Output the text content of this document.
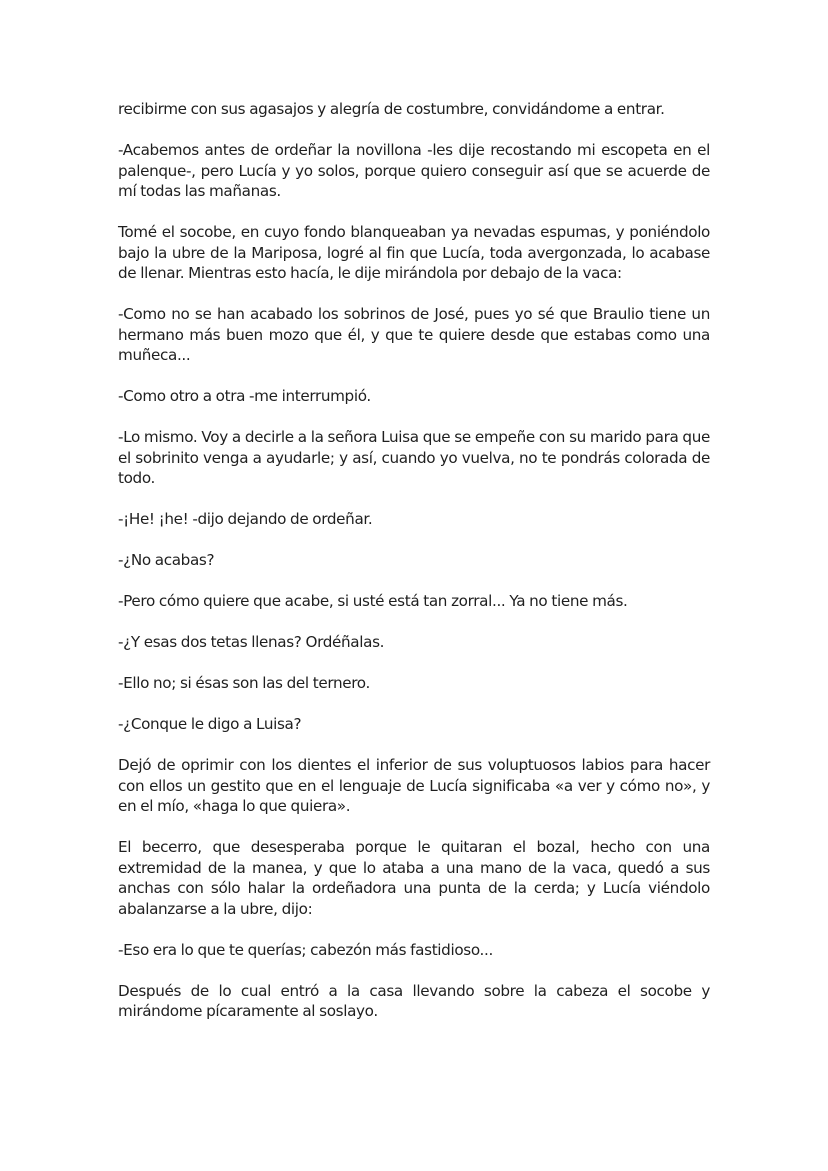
recibirme con sus agasajos y alegría de costumbre, convidándome a entrar.

-Acabemos antes de ordeñar la novillona -les dije recostando mi escopeta en el palenque-, pero Lucía y yo solos, porque quiero conseguir así que se acuerde de mí todas las mañanas.

Tomé el socobe, en cuyo fondo blanqueaban ya nevadas espumas, y poniéndolo bajo la ubre de la Mariposa, logré al fin que Lucía, toda avergonzada, lo acabase de llenar. Mientras esto hacía, le dije mirándola por debajo de la vaca:

-Como no se han acabado los sobrinos de José, pues yo sé que Braulio tiene un hermano más buen mozo que él, y que te quiere desde que estabas como una muñeca...

-Como otro a otra -me interrumpió.

-Lo mismo. Voy a decirle a la señora Luisa que se empeñe con su marido para que el sobrinito venga a ayudarle; y así, cuando yo vuelva, no te pondrás colorada de todo.

-¡He! ¡he! -dijo dejando de ordeñar.

-¿No acabas?

-Pero cómo quiere que acabe, si usté está tan zorral... Ya no tiene más.

-¿Y esas dos tetas llenas? Ordéñalas.

-Ello no; si ésas son las del ternero.

-¿Conque le digo a Luisa?

Dejó de oprimir con los dientes el inferior de sus voluptuosos labios para hacer con ellos un gestito que en el lenguaje de Lucía significaba «a ver y cómo no», y en el mío, «haga lo que quiera».

El becerro, que desesperaba porque le quitaran el bozal, hecho con una extremidad de la manea, y que lo ataba a una mano de la vaca, quedó a sus anchas con sólo halar la ordeñadora una punta de la cerda; y Lucía viéndolo abalanzarse a la ubre, dijo:

-Eso era lo que te querías; cabezón más fastidioso...

Después de lo cual entró a la casa llevando sobre la cabeza el socobe y mirándome pícaramente al soslayo.
